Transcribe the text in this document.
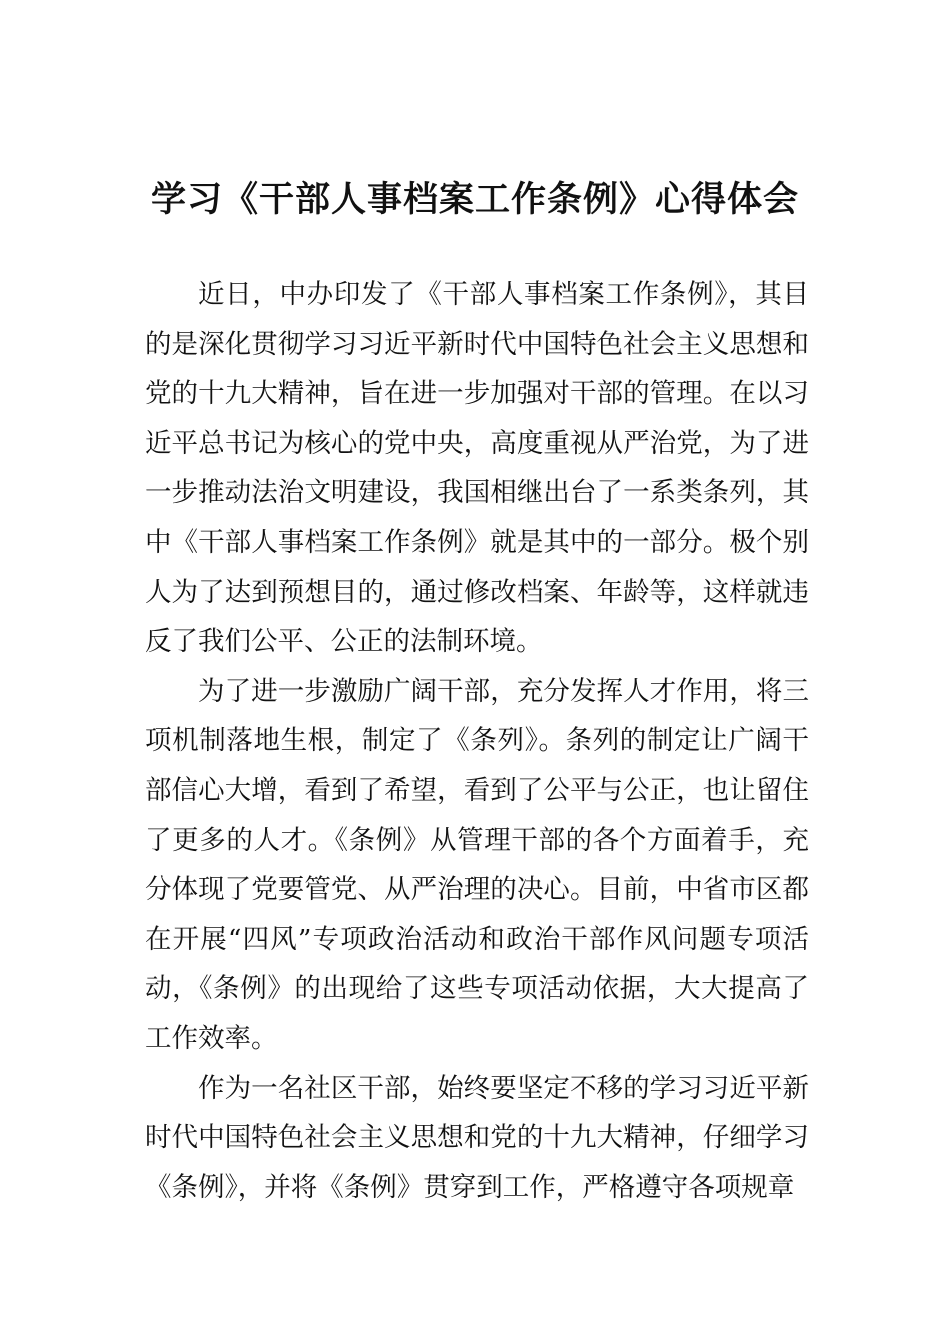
学习《干部人事档案工作条例》心得体会

近日，中办印发了《干部人事档案工作条例》，其目的是深化贯彻学习习近平新时代中国特色社会主义思想和党的十九大精神，旨在进一步加强对干部的管理。在以习近平总书记为核心的党中央，高度重视从严治党，为了进一步推动法治文明建设，我国相继出台了一系类条列，其中《干部人事档案工作条例》就是其中的一部分。极个别人为了达到预想目的，通过修改档案、年龄等，这样就违反了我们公平、公正的法制环境。

为了进一步激励广阔干部，充分发挥人才作用，将三项机制落地生根，制定了《条列》。条列的制定让广阔干部信心大增，看到了希望，看到了公平与公正，也让留住了更多的人才。《条例》从管理干部的各个方面着手，充分体现了党要管党、从严治理的决心。目前，中省市区都在开展“四风”专项政治活动和政治干部作风问题专项活动，《条例》的出现给了这些专项活动依据，大大提高了工作效率。

作为一名社区干部，始终要坚定不移的学习习近平新时代中国特色社会主义思想和党的十九大精神，仔细学习《条例》，并将《条例》贯穿到工作，严格遵守各项规章
